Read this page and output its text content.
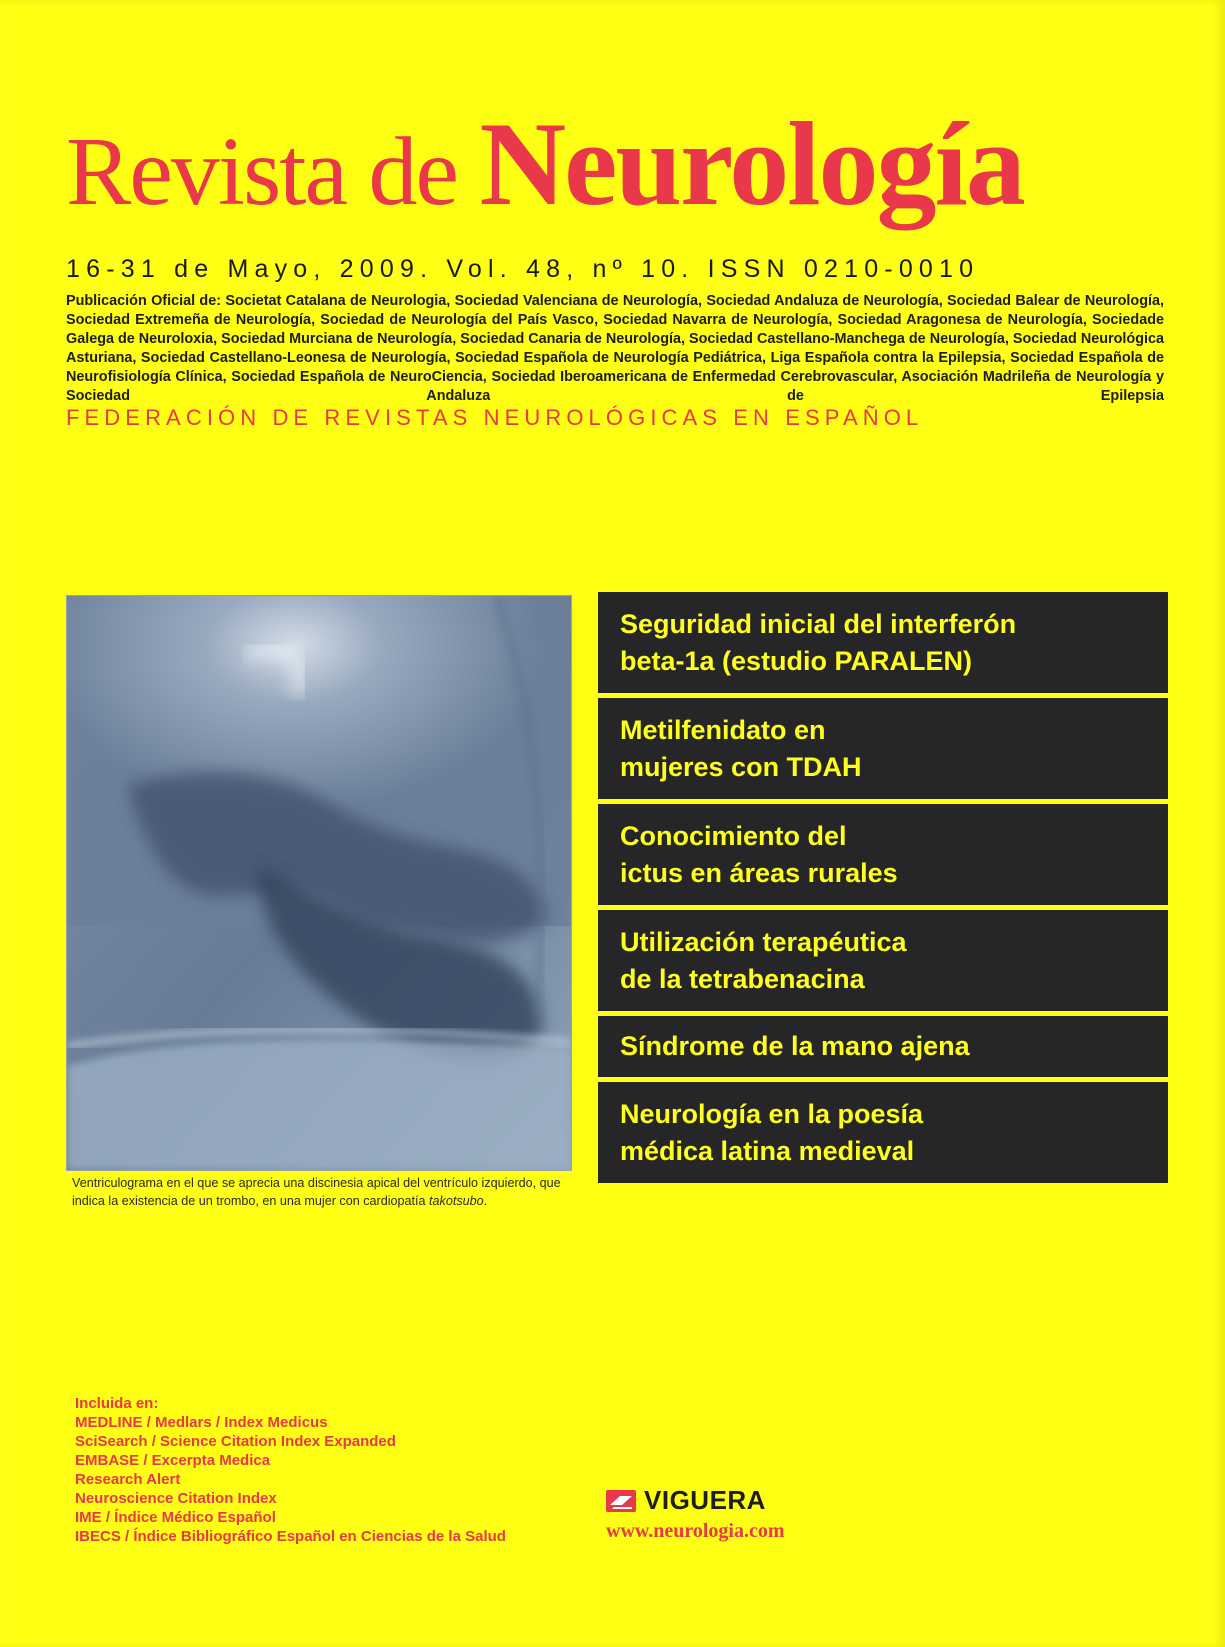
Revista de Neurología
16-31 de Mayo, 2009. Vol. 48, nº 10. ISSN 0210-0010
Publicación Oficial de: Societat Catalana de Neurologia, Sociedad Valenciana de Neurología, Sociedad Andaluza de Neurología, Sociedad Balear de Neurología, Sociedad Extremeña de Neurología, Sociedad de Neurología del País Vasco, Sociedad Navarra de Neurología, Sociedad Aragonesa de Neurología, Sociedade Galega de Neuroloxia, Sociedad Murciana de Neurología, Sociedad Canaria de Neurología, Sociedad Castellano-Manchega de Neurología, Sociedad Neurológica Asturiana, Sociedad Castellano-Leonesa de Neurología, Sociedad Española de Neurología Pediátrica, Liga Española contra la Epilepsia, Sociedad Española de Neurofisiología Clínica, Sociedad Española de NeuroCiencia, Sociedad Iberoamericana de Enfermedad Cerebrovascular, Asociación Madrileña de Neurología y Sociedad Andaluza de Epilepsia
FEDERACIÓN DE REVISTAS NEUROLÓGICAS EN ESPAÑOL
Ventriculograma en el que se aprecia una discinesia apical del ventrículo izquierdo, que indica la existencia de un trombo, en una mujer con cardiopatía takotsubo.
Seguridad inicial del interferón
beta-1a (estudio PARALEN)
Metilfenidato en
mujeres con TDAH
Conocimiento del
ictus en áreas rurales
Utilización terapéutica
de la tetrabenacina
Síndrome de la mano ajena
Neurología en la poesía
médica latina medieval
Incluida en:
MEDLINE / Medlars / Index Medicus
SciSearch / Science Citation Index Expanded
EMBASE / Excerpta Medica
Research Alert
Neuroscience Citation Index
IME / Índice Médico Español
IBECS / Índice Bibliográfico Español en Ciencias de la Salud
VIGUERA
www.neurologia.com
